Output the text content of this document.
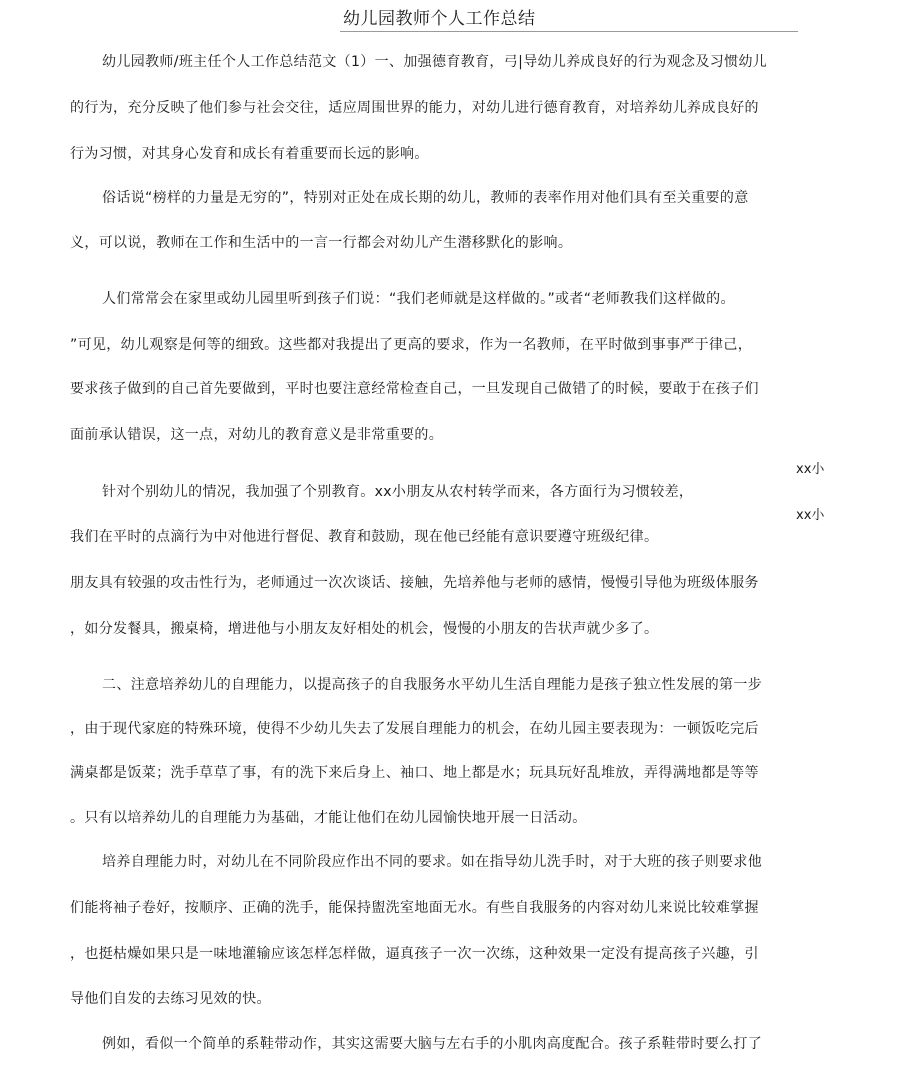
幼儿园教师个人工作总结
幼儿园教师/班主任个人工作总结范文（1）一、加强德育教育，弓|导幼儿养成良好的行为观念及习惯幼儿
的行为，充分反映了他们参与社会交往，适应周围世界的能力，对幼儿进行德育教育，对培养幼儿养成良好的
行为习惯，对其身心发育和成长有着重要而长远的影响。
俗话说“榜样的力量是无穷的”，特别对正处在成长期的幼儿，教师的表率作用对他们具有至关重要的意
义，可以说，教师在工作和生活中的一言一行都会对幼儿产生潜移默化的影响。
人们常常会在家里或幼儿园里听到孩子们说：“我们老师就是这样做的。”或者“老师教我们这样做的。
”可见，幼儿观察是何等的细致。这些都对我提出了更高的要求，作为一名教师，在平时做到事事严于律己，
要求孩子做到的自己首先要做到，平时也要注意经常检查自己，一旦发现自己做错了的时候，要敢于在孩子们
面前承认错误，这一点，对幼儿的教育意义是非常重要的。
xx小
针对个别幼儿的情况，我加强了个别教育。xx小朋友从农村转学而来，各方面行为习惯较差，
xx小
我们在平时的点滴行为中对他进行督促、教育和鼓励，现在他已经能有意识要遵守班级纪律。
朋友具有较强的攻击性行为，老师通过一次次谈话、接触，先培养他与老师的感情，慢慢引导他为班级体服务
，如分发餐具，搬桌椅，增进他与小朋友友好相处的机会，慢慢的小朋友的告状声就少多了。
二、注意培养幼儿的自理能力，以提高孩子的自我服务水平幼儿生活自理能力是孩子独立性发展的第一步
，由于现代家庭的特殊环境，使得不少幼儿失去了发展自理能力的机会，在幼儿园主要表现为：一顿饭吃完后
满桌都是饭菜；洗手草草了事，有的洗下来后身上、袖口、地上都是水；玩具玩好乱堆放，弄得满地都是等等
。只有以培养幼儿的自理能力为基础，才能让他们在幼儿园愉快地开展一日活动。
培养自理能力时，对幼儿在不同阶段应作出不同的要求。如在指导幼儿洗手时，对于大班的孩子则要求他
们能将袖子卷好，按顺序、正确的洗手，能保持盥洗室地面无水。有些自我服务的内容对幼儿来说比较难掌握
，也挺枯燥如果只是一味地灌输应该怎样怎样做，逼真孩子一次一次练，这种效果一定没有提高孩子兴趣，引
导他们自发的去练习见效的快。
例如，看似一个简单的系鞋带动作，其实这需要大脑与左右手的小肌肉高度配合。孩子系鞋带时要么打了
